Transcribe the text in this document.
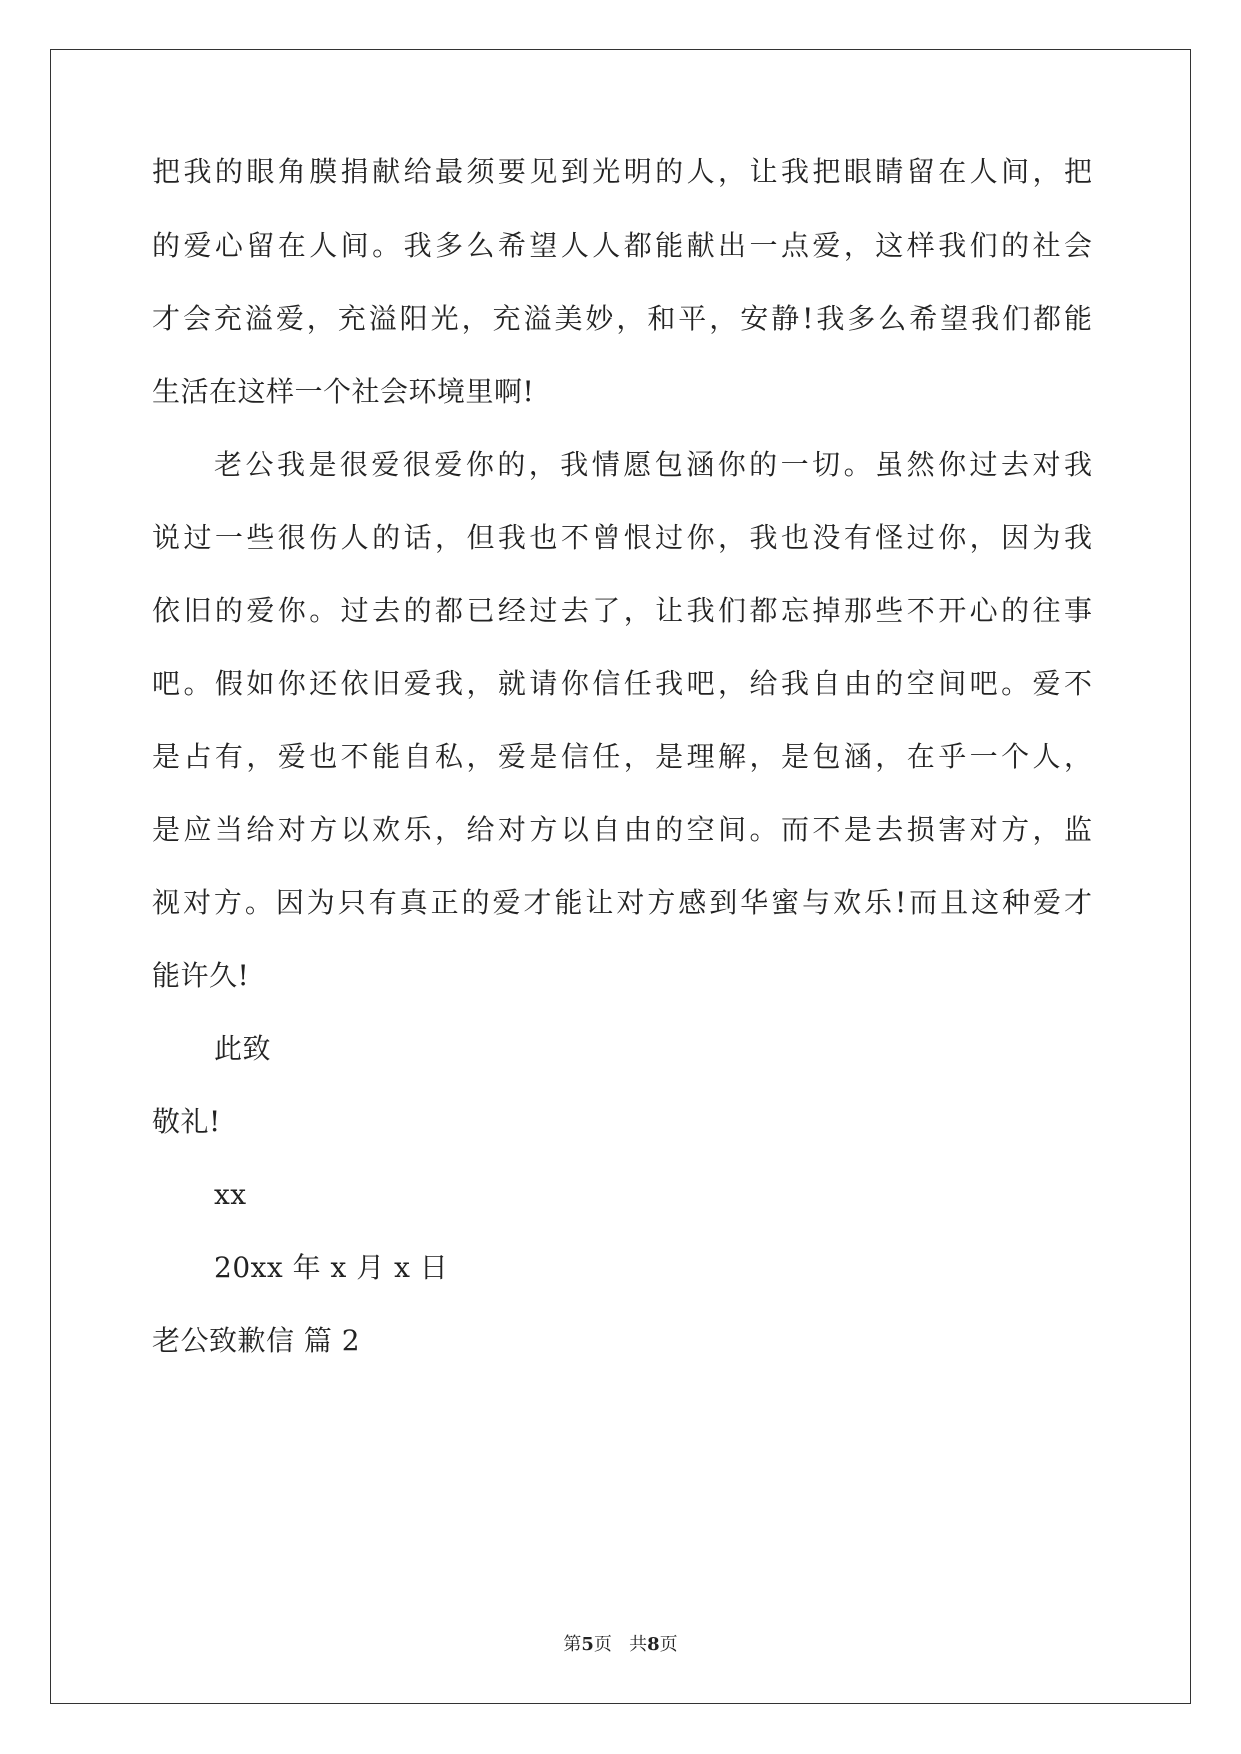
把我的眼角膜捐献给最须要见到光明的人，让我把眼睛留在人间，把
的爱心留在人间。我多么希望人人都能献出一点爱，这样我们的社会
才会充溢爱，充溢阳光，充溢美妙，和平，安静!我多么希望我们都能
生活在这样一个社会环境里啊!
老公我是很爱很爱你的，我情愿包涵你的一切。虽然你过去对我
说过一些很伤人的话，但我也不曾恨过你，我也没有怪过你，因为我
依旧的爱你。过去的都已经过去了，让我们都忘掉那些不开心的往事
吧。假如你还依旧爱我，就请你信任我吧，给我自由的空间吧。爱不
是占有，爱也不能自私，爱是信任，是理解，是包涵，在乎一个人，
是应当给对方以欢乐，给对方以自由的空间。而不是去损害对方，监
视对方。因为只有真正的爱才能让对方感到华蜜与欢乐!而且这种爱才
能许久!
此致
敬礼!
xx
20xx 年 x 月 x 日
老公致歉信 篇 2
第5页   共8页
